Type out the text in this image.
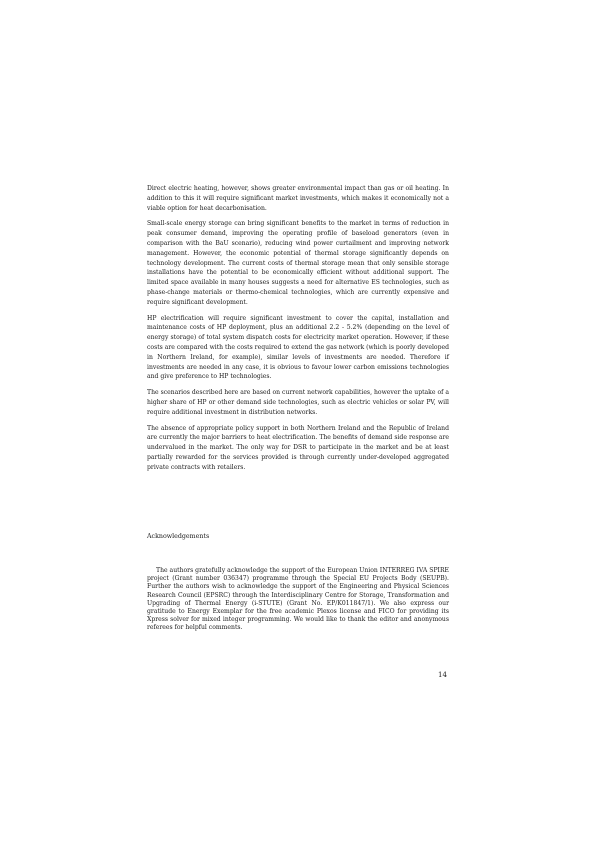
Direct electric heating, however, shows greater environmental impact than gas or oil heating. In addition to this it will require significant market investments, which makes it economically not a viable option for heat decarbonisation.

Small-scale energy storage can bring significant benefits to the market in terms of reduction in peak consumer demand, improving the operating profile of baseload generators (even in comparison with the BaU scenario), reducing wind power curtailment and improving network management. However, the economic potential of thermal storage significantly depends on technology development. The current costs of thermal storage mean that only sensible storage installations have the potential to be economically efficient without additional support. The limited space available in many houses suggests a need for alternative ES technologies, such as phase-change materials or thermo-chemical technologies, which are currently expensive and require significant development.

HP electrification will require significant investment to cover the capital, installation and maintenance costs of HP deployment, plus an additional 2.2 - 5.2% (depending on the level of energy storage) of total system dispatch costs for electricity market operation. However, if these costs are compared with the costs required to extend the gas network (which is poorly developed in Northern Ireland, for example), similar levels of investments are needed. Therefore if investments are needed in any case, it is obvious to favour lower carbon emissions technologies and give preference to HP technologies.

The scenarios described here are based on current network capabilities, however the uptake of a higher share of HP or other demand side technologies, such as electric vehicles or solar PV, will require additional investment in distribution networks.

The absence of appropriate policy support in both Northern Ireland and the Republic of Ireland are currently the major barriers to heat electrification. The benefits of demand side response are undervalued in the market. The only way for DSR to participate in the market and be at least partially rewarded for the services provided is through currently under-developed aggregated private contracts with retailers.

Acknowledgements

The authors gratefully acknowledge the support of the European Union INTERREG IVA SPIRE project (Grant number 036347) programme through the Special EU Projects Body (SEUPB). Further the authors wish to acknowledge the support of the Engineering and Physical Sciences Research Council (EPSRC) through the Interdisciplinary Centre for Storage, Transformation and Upgrading of Thermal Energy (i-STUTE) (Grant No. EP/K011847/1). We also express our gratitude to Energy Exemplar for the free academic Plexos license and FICO for providing its Xpress solver for mixed integer programming. We would like to thank the editor and anonymous referees for helpful comments.

14
